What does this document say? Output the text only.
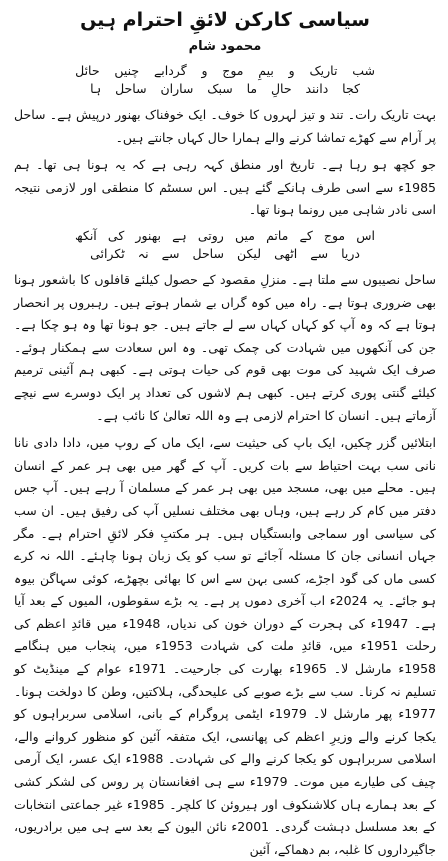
سیاسی کارکن لائقِ احترام ہیں
محمود شام
شب
تاریک
و
بیمِ
موج
و
گردابے
چنیں
حائل
کجا
دانند
حالِ
ما
سبک
ساران
ساحل
ہا

بہت تاریک رات۔ تند و تیز لہروں کا خوف۔ ایک خوفناک بھنور درپیش ہے۔ ساحل پر آرام سے کھڑے تماشا کرنے والے ہمارا حال کہاں جانتے ہیں۔

جو کچھ ہو رہا ہے۔ تاریخ اور منطق کہہ رہی ہے کہ یہ ہونا ہی تھا۔ ہم 1985ء سے اسی طرف ہانکے گئے ہیں۔ اس سسٹم کا منطقی اور لازمی نتیجہ اسی نادر شاہی میں رونما ہونا تھا۔

اس
موج
کے
ماتم
میں
روتی
ہے
بھنور
کی
آنکھ
دریا
سے
اٹھی
لیکن
ساحل
سے
نہ
ٹکرائی

ساحل نصیبوں سے ملتا ہے۔ منزلِ مقصود کے حصول کیلئے قافلوں کا باشعور ہونا بھی ضروری ہوتا ہے۔ راہ میں کوہ گراں بے شمار ہوتے ہیں۔ رہبروں پر انحصار ہوتا ہے کہ وہ آپ کو کہاں کہاں سے لے جاتے ہیں۔ جو ہونا تھا وہ ہو چکا ہے۔ جن کی آنکھوں میں شہادت کی چمک تھی۔ وہ اس سعادت سے ہمکنار ہوئے۔ صرف ایک شہید کی موت بھی قوم کی حیات ہوتی ہے۔ کبھی ہم آئینی ترمیم کیلئے گنتی پوری کرتے ہیں۔ کبھی ہم لاشوں کی تعداد پر ایک دوسرے سے نیچے آزماتے ہیں۔ انسان کا احترام لازمی ہے وہ اللہ تعالیٰ کا نائب ہے۔

ابتلائیں گزر چکیں، ایک باپ کی حیثیت سے، ایک ماں کے روپ میں، دادا دادی نانا نانی سب بہت احتیاط سے بات کریں۔ آپ کے گھر میں بھی ہر عمر کے انسان ہیں۔ محلے میں بھی، مسجد میں بھی ہر عمر کے مسلمان آ رہے ہیں۔ آپ جس دفتر میں کام کر رہے ہیں، وہاں بھی مختلف نسلیں آپ کی رفیق ہیں۔ ان سب کی سیاسی اور سماجی وابستگیاں ہیں۔ ہر مکتبِ فکر لائقِ احترام ہے۔ مگر جہاں انسانی جان کا مسئلہ آجائے تو سب کو یک زبان ہونا چاہئے۔ اللہ نہ کرے کسی ماں کی گود اجڑے، کسی بہن سے اس کا بھائی بچھڑے، کوئی سہاگن بیوہ ہو جائے۔ یہ 2024ء اب آخری دموں پر ہے۔ یہ بڑے سقوطوں، المیوں کے بعد آیا ہے۔ 1947ء کی ہجرت کے دوران خون کی ندیاں، 1948ء میں قائدِ اعظم کی رحلت 1951ء میں، قائدِ ملت کی شہادت 1953ء میں، پنجاب میں ہنگامے 1958ء مارشل لا۔ 1965ء بھارت کی جارحیت۔ 1971ء عوام کے مینڈیٹ کو تسلیم نہ کرنا۔ سب سے بڑے صوبے کی علیحدگی، ہلاکتیں، وطن کا دولخت ہونا۔ 1977ء پھر مارشل لا۔ 1979ء ایٹمی پروگرام کے بانی، اسلامی سربراہوں کو یکجا کرنے والے وزیرِ اعظم کی پھانسی، ایک متفقہ آئین کو منظور کروانے والے، اسلامی سربراہوں کو یکجا کرنے والے کی شہادت۔ 1988ء ایک عسر، ایک آرمی چیف کی طیارے میں موت۔ 1979ء سے ہی افغانستان پر روس کی لشکر کشی کے بعد ہمارے ہاں کلاشنکوف اور ہیروئن کا کلچر۔ 1985ء غیر جماعتی انتخابات کے بعد مسلسل دہشت گردی۔ 2001ء نائن الیون کے بعد سے ہی میں برادریوں، جاگیرداروں کا غلبہ، بم دھماکے، آئین
